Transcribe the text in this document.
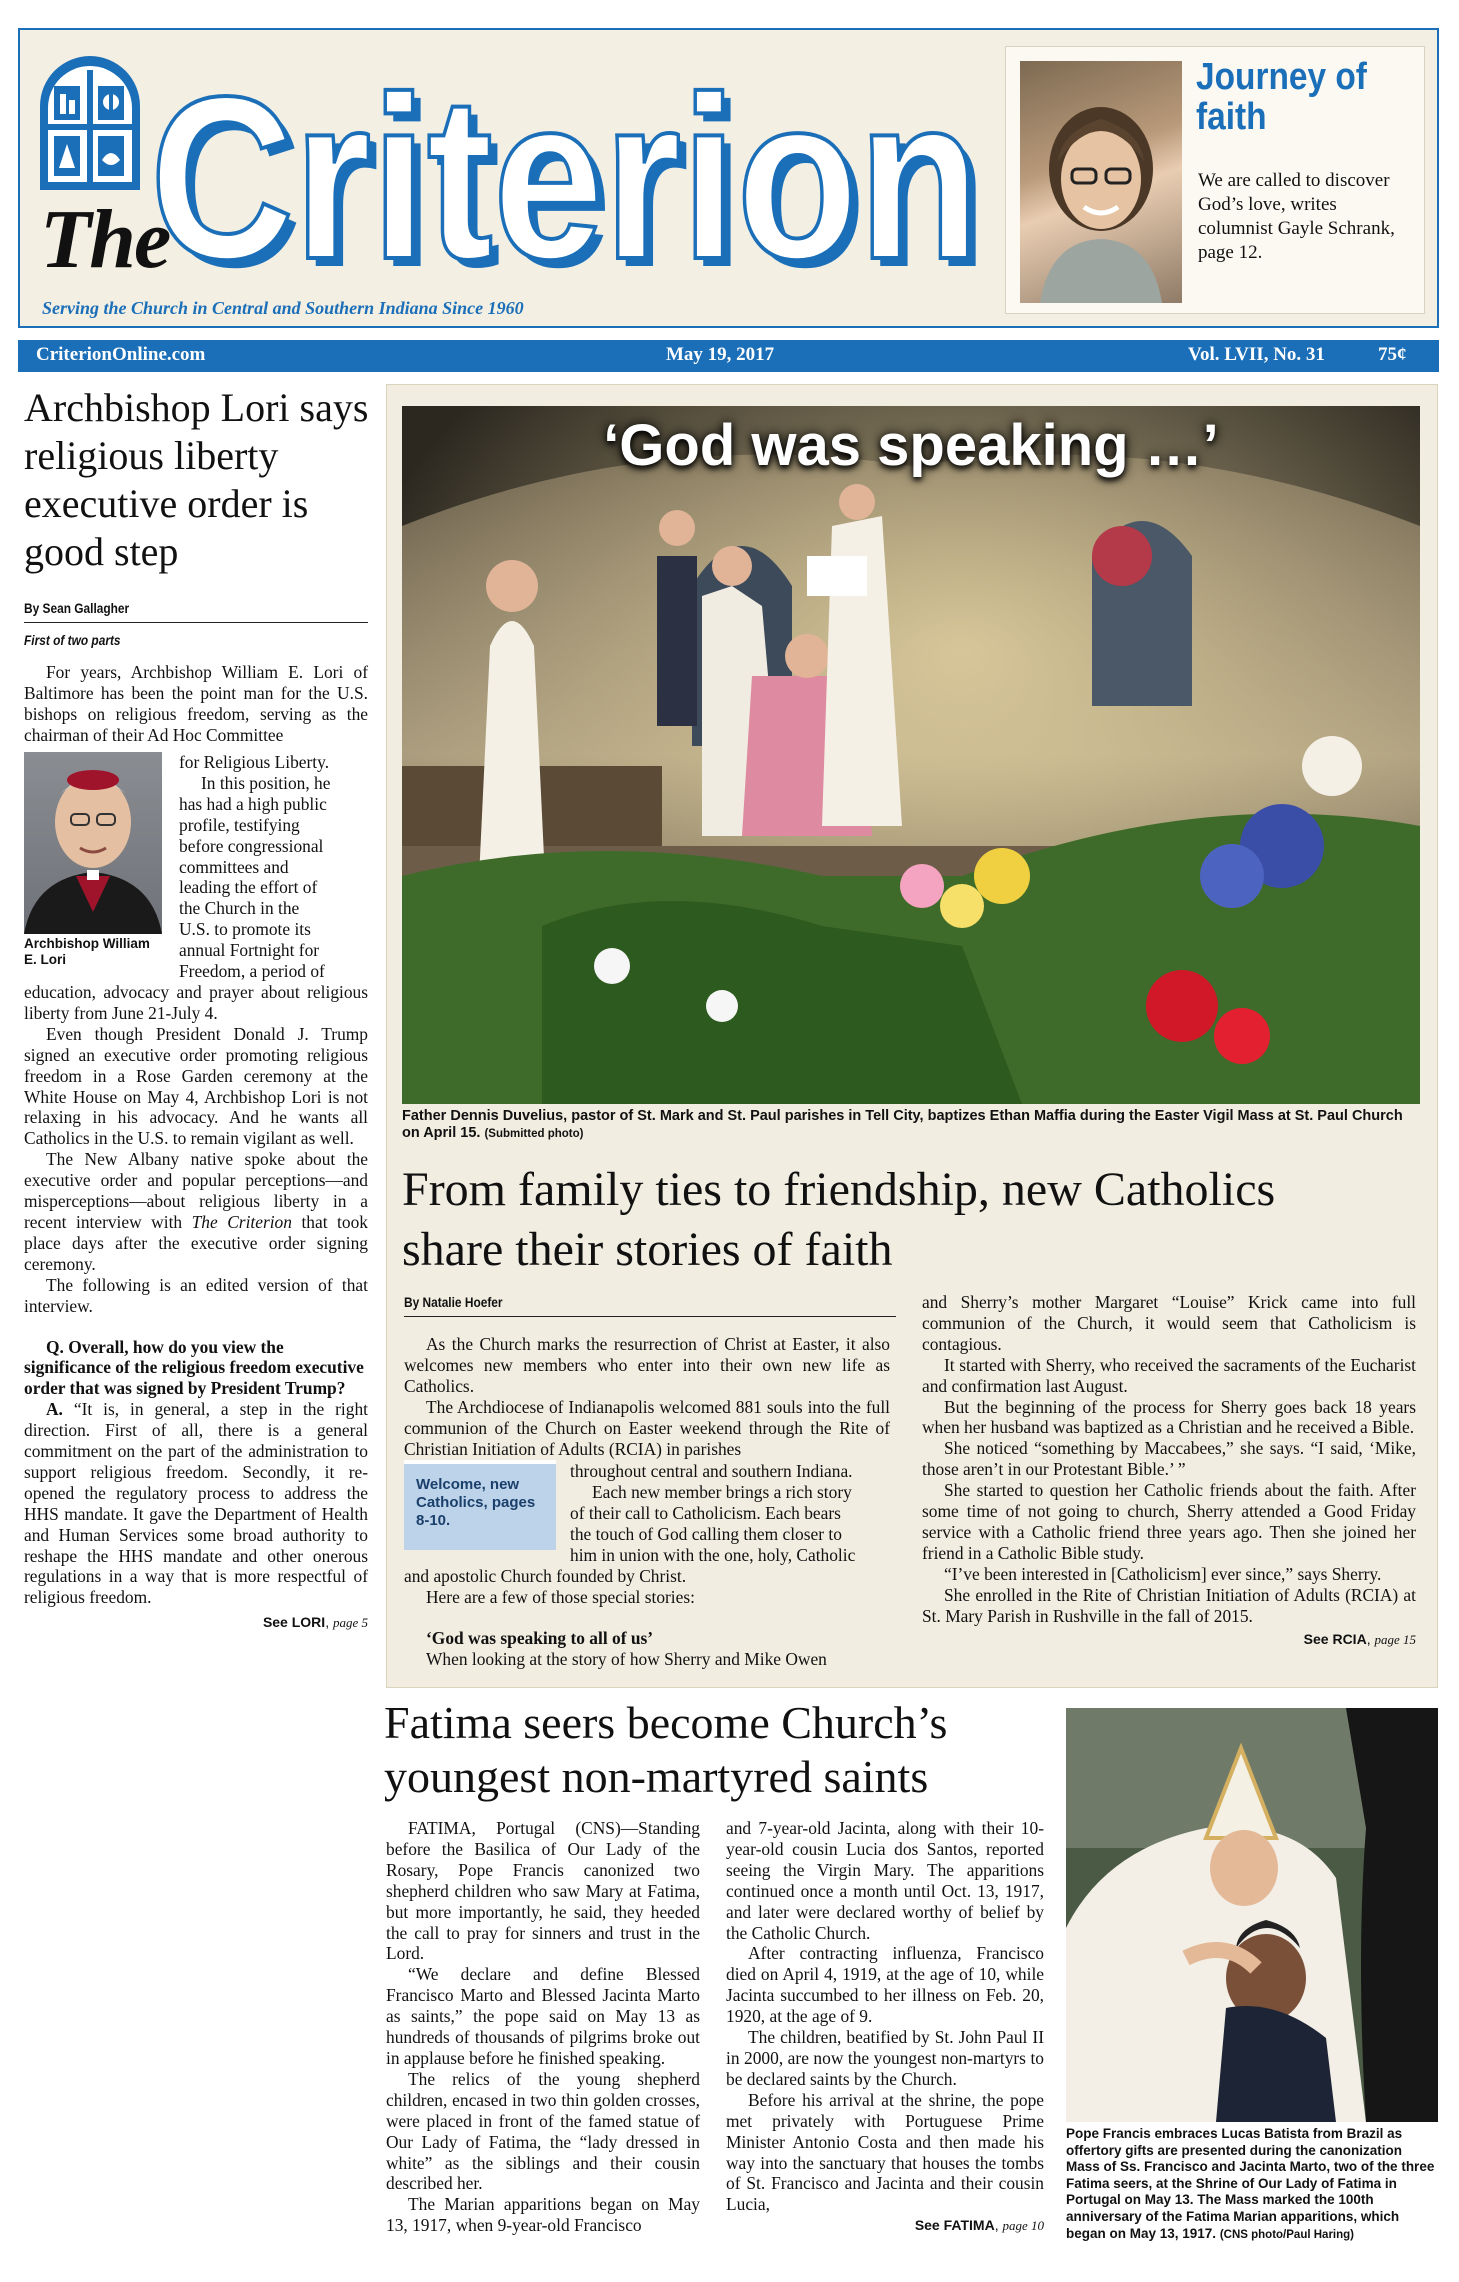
The
Criterion
Criterion
Serving the Church in Central and Southern Indiana Since 1960
Journey of faith
We are called to discover God’s love, writes columnist Gayle Schrank, page 12.
CriterionOnline.com	May 19, 2017	Vol. LVII, No. 31	75¢
Archbishop Lori says religious liberty executive order is good step
By Sean Gallagher
First of two parts

For years, Archbishop William E. Lori of Baltimore has been the point man for the U.S. bishops on religious freedom, serving as the chairman of their Ad Hoc Committee

Archbishop William E. Lori
for Religious Liberty.
In this position, he
has had a high public
profile, testifying
before congressional
committees and
leading the effort of
the Church in the
U.S. to promote its
annual Fortnight for
Freedom, a period of

education, advocacy and prayer about religious liberty from June 21-July 4.

Even though President Donald J. Trump signed an executive order promoting religious freedom in a Rose Garden ceremony at the White House on May 4, Archbishop Lori is not relaxing in his advocacy. And he wants all Catholics in the U.S. to remain vigilant as well.

The New Albany native spoke about the executive order and popular perceptions—and misperceptions—about religious liberty in a recent interview with The Criterion that took place days after the executive order signing ceremony.

The following is an edited version of that interview.

Q. Overall, how do you view the significance of the religious freedom executive order that was signed by President Trump?

A. “It is, in general, a step in the right direction. First of all, there is a general commitment on the part of the administration to support religious freedom. Secondly, it re-opened the regulatory process to address the HHS mandate. It gave the Department of Health and Human Services some broad authority to reshape the HHS mandate and other onerous regulations in a way that is more respectful of religious freedom.

See LORI, page 5
‘God was speaking …’
Father Dennis Duvelius, pastor of St. Mark and St. Paul parishes in Tell City, baptizes Ethan Maffia during the Easter Vigil Mass at St. Paul Church on April 15. (Submitted photo)
From family ties to friendship, new Catholics share their stories of faith
By Natalie Hoefer

As the Church marks the resurrection of Christ at Easter, it also welcomes new members who enter into their own new life as Catholics.

The Archdiocese of Indianapolis welcomed 881 souls into the full communion of the Church on Easter weekend through the Rite of Christian Initiation of Adults (RCIA) in parishes

Welcome, new Catholics, pages 8-10.
throughout central and southern Indiana.
Each new member brings a rich story
of their call to Catholicism. Each bears
the touch of God calling them closer to
him in union with the one, holy, Catholic

and apostolic Church founded by Christ.

Here are a few of those special stories:

‘God was speaking to all of us’

When looking at the story of how Sherry and Mike Owen

and Sherry’s mother Margaret “Louise” Krick came into full communion of the Church, it would seem that Catholicism is contagious.

It started with Sherry, who received the sacraments of the Eucharist and confirmation last August.

But the beginning of the process for Sherry goes back 18 years when her husband was baptized as a Christian and he received a Bible.

She noticed “something by Maccabees,” she says. “I said, ‘Mike, those aren’t in our Protestant Bible.’ ”

She started to question her Catholic friends about the faith. After some time of not going to church, Sherry attended a Good Friday service with a Catholic friend three years ago. Then she joined her friend in a Catholic Bible study.

“I’ve been interested in [Catholicism] ever since,” says Sherry.

She enrolled in the Rite of Christian Initiation of Adults (RCIA) at St. Mary Parish in Rushville in the fall of 2015.

See RCIA, page 15
Fatima seers become Church’s youngest non-martyred saints

FATIMA, Portugal (CNS)—Standing before the Basilica of Our Lady of the Rosary, Pope Francis canonized two shepherd children who saw Mary at Fatima, but more importantly, he said, they heeded the call to pray for sinners and trust in the Lord.

“We declare and define Blessed Francisco Marto and Blessed Jacinta Marto as saints,” the pope said on May 13 as hundreds of thousands of pilgrims broke out in applause before he finished speaking.

The relics of the young shepherd children, encased in two thin golden crosses, were placed in front of the famed statue of Our Lady of Fatima, the “lady dressed in white” as the siblings and their cousin described her.

The Marian apparitions began on May 13, 1917, when 9-year-old Francisco

and 7-year-old Jacinta, along with their 10-year-old cousin Lucia dos Santos, reported seeing the Virgin Mary. The apparitions continued once a month until Oct. 13, 1917, and later were declared worthy of belief by the Catholic Church.

After contracting influenza, Francisco died on April 4, 1919, at the age of 10, while Jacinta succumbed to her illness on Feb. 20, 1920, at the age of 9.

The children, beatified by St. John Paul II in 2000, are now the youngest non-martyrs to be declared saints by the Church.

Before his arrival at the shrine, the pope met privately with Portuguese Prime Minister Antonio Costa and then made his way into the sanctuary that houses the tombs of St. Francisco and Jacinta and their cousin Lucia,

See FATIMA, page 10
Pope Francis embraces Lucas Batista from Brazil as offertory gifts are presented during the canonization Mass of Ss. Francisco and Jacinta Marto, two of the three Fatima seers, at the Shrine of Our Lady of Fatima in Portugal on May 13. The Mass marked the 100th anniversary of the Fatima Marian apparitions, which began on May 13, 1917. (CNS photo/Paul Haring)
